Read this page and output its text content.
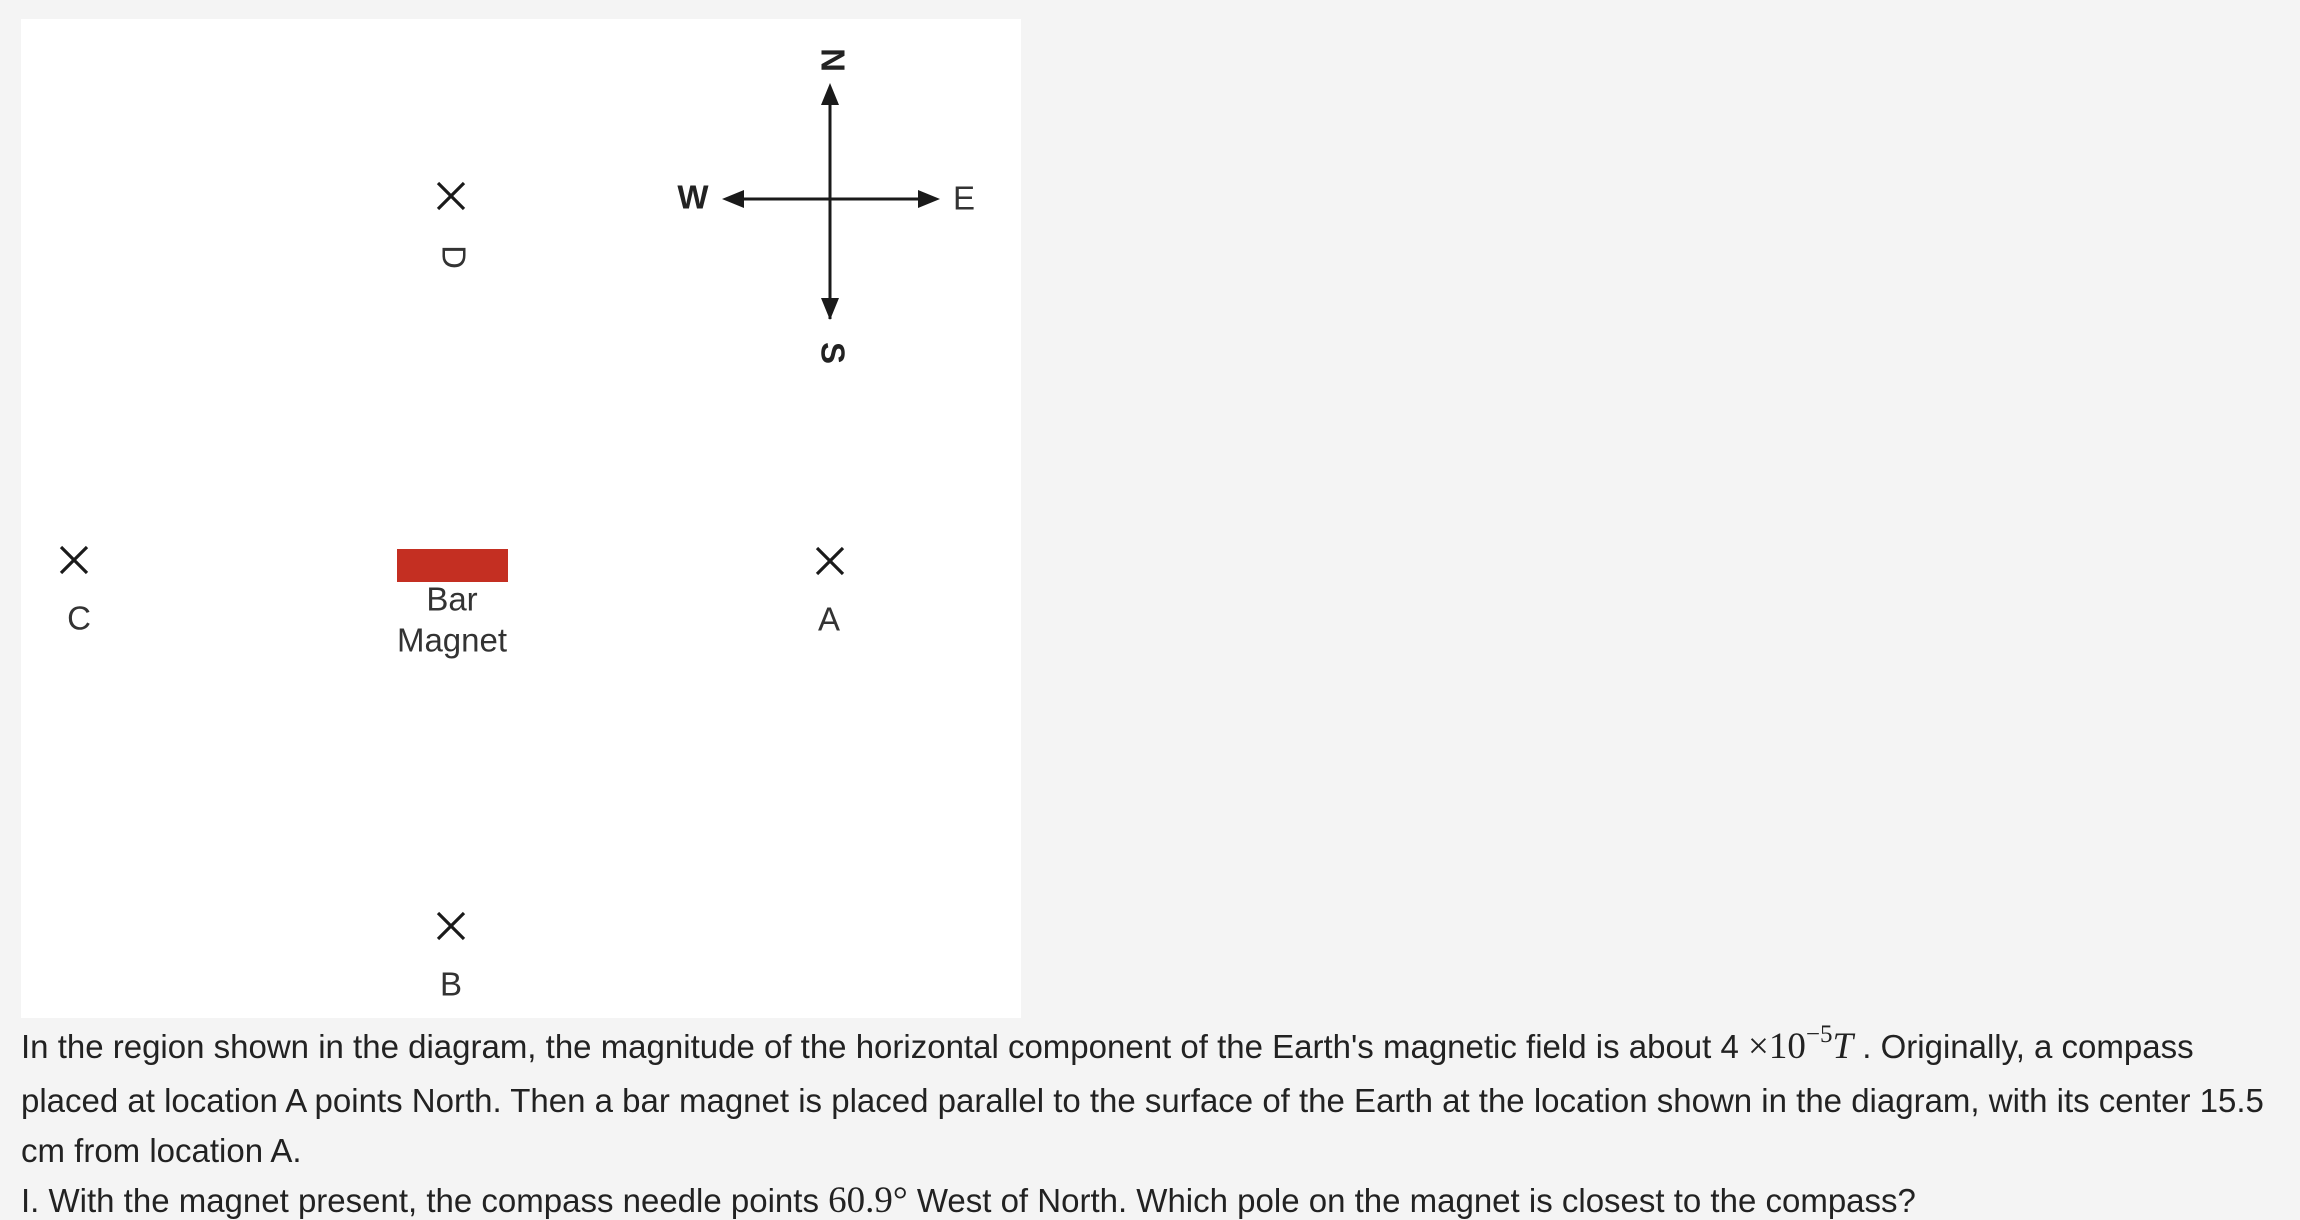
N
S
W	E
D
C
Bar
Magnet
A
B

In the region shown in the diagram, the magnitude of the horizontal component of the Earth's magnetic field is about $4 \times 10^{-5}T$ . Originally, a compass placed at location A points North. Then a bar magnet is placed parallel to the surface of the Earth at the location shown in the diagram, with its center 15.5 cm from location A.

I. With the magnet present, the compass needle points 60.9° West of North. Which pole on the magnet is closest to the compass?
